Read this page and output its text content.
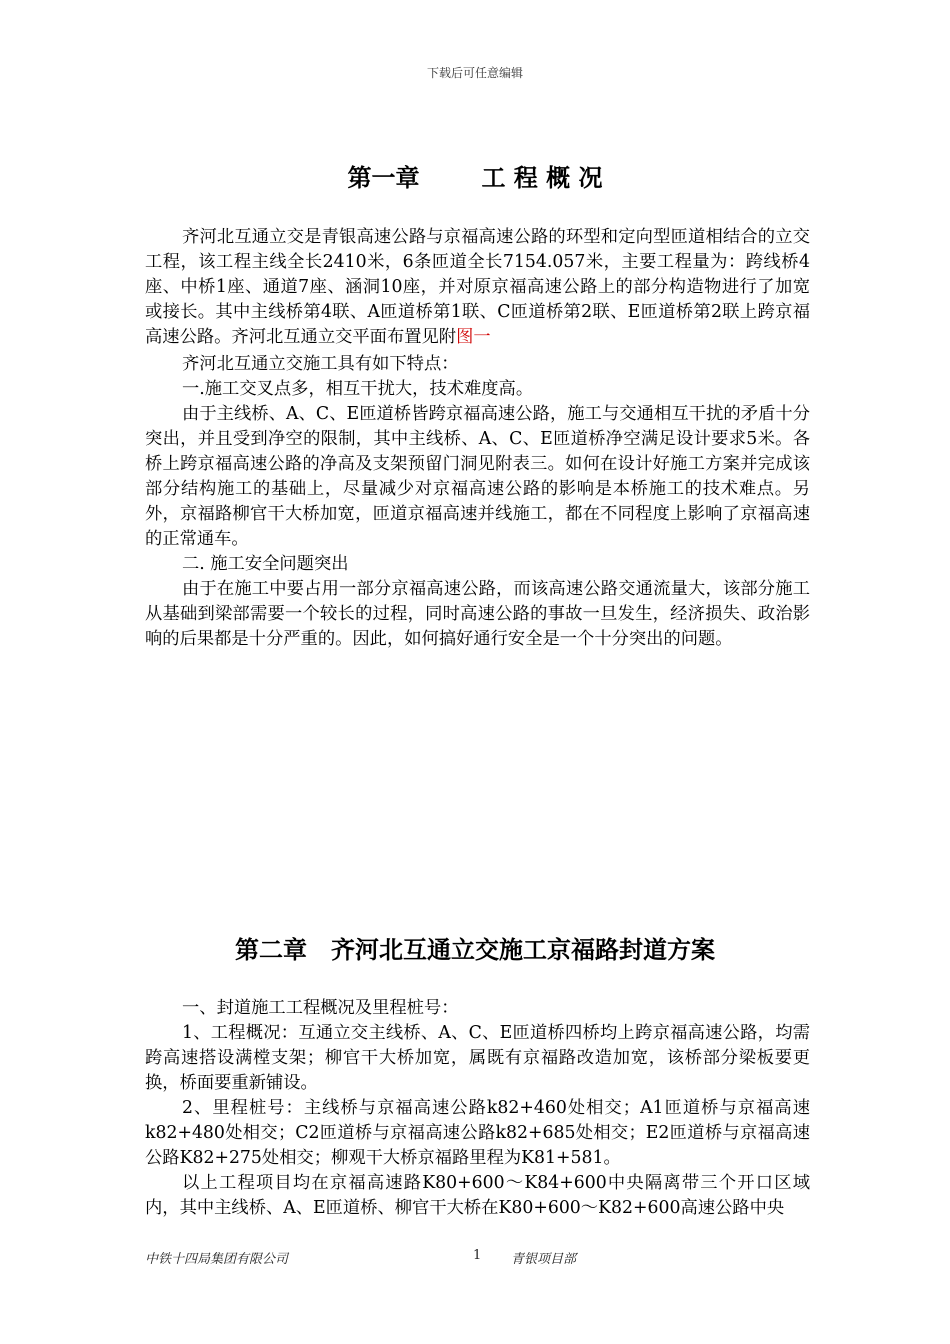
下载后可任意编辑
第一章	工 程 概 况

齐河北互通立交是青银高速公路与京福高速公路的环型和定向型匝道相结合的立交工程，该工程主线全长2410米，6条匝道全长7154.057米，主要工程量为：跨线桥4座、中桥1座、通道7座、涵洞10座，并对原京福高速公路上的部分构造物进行了加宽或接长。其中主线桥第4联、A匝道桥第1联、C匝道桥第2联、E匝道桥第2联上跨京福高速公路。齐河北互通立交平面布置见附图一

齐河北互通立交施工具有如下特点：

一.施工交叉点多，相互干扰大，技术难度高。

由于主线桥、A、C、E匝道桥皆跨京福高速公路，施工与交通相互干扰的矛盾十分突出，并且受到净空的限制，其中主线桥、A、C、E匝道桥净空满足设计要求5米。各桥上跨京福高速公路的净高及支架预留门洞见附表三。如何在设计好施工方案并完成该部分结构施工的基础上，尽量减少对京福高速公路的影响是本桥施工的技术难点。另外，京福路柳官干大桥加宽，匝道京福高速并线施工，都在不同程度上影响了京福高速的正常通车。

二. 施工安全问题突出

由于在施工中要占用一部分京福高速公路，而该高速公路交通流量大，该部分施工从基础到梁部需要一个较长的过程，同时高速公路的事故一旦发生，经济损失、政治影响的后果都是十分严重的。因此，如何搞好通行安全是一个十分突出的问题。

第二章 齐河北互通立交施工京福路封道方案

一、封道施工工程概况及里程桩号：

1、工程概况：互通立交主线桥、A、C、E匝道桥四桥均上跨京福高速公路，均需跨高速搭设满樘支架；柳官干大桥加宽，属既有京福路改造加宽，该桥部分梁板要更换，桥面要重新铺设。

2、里程桩号：主线桥与京福高速公路k82+460处相交；A1匝道桥与京福高速k82+480处相交；C2匝道桥与京福高速公路k82+685处相交；E2匝道桥与京福高速公路K82+275处相交；柳观干大桥京福路里程为K81+581。

以上工程项目均在京福高速路K80+600～K84+600中央隔离带三个开口区域内，其中主线桥、A、E匝道桥、柳官干大桥在K80+600～K82+600高速公路中央

中铁十四局集团有限公司	1 青银项目部
